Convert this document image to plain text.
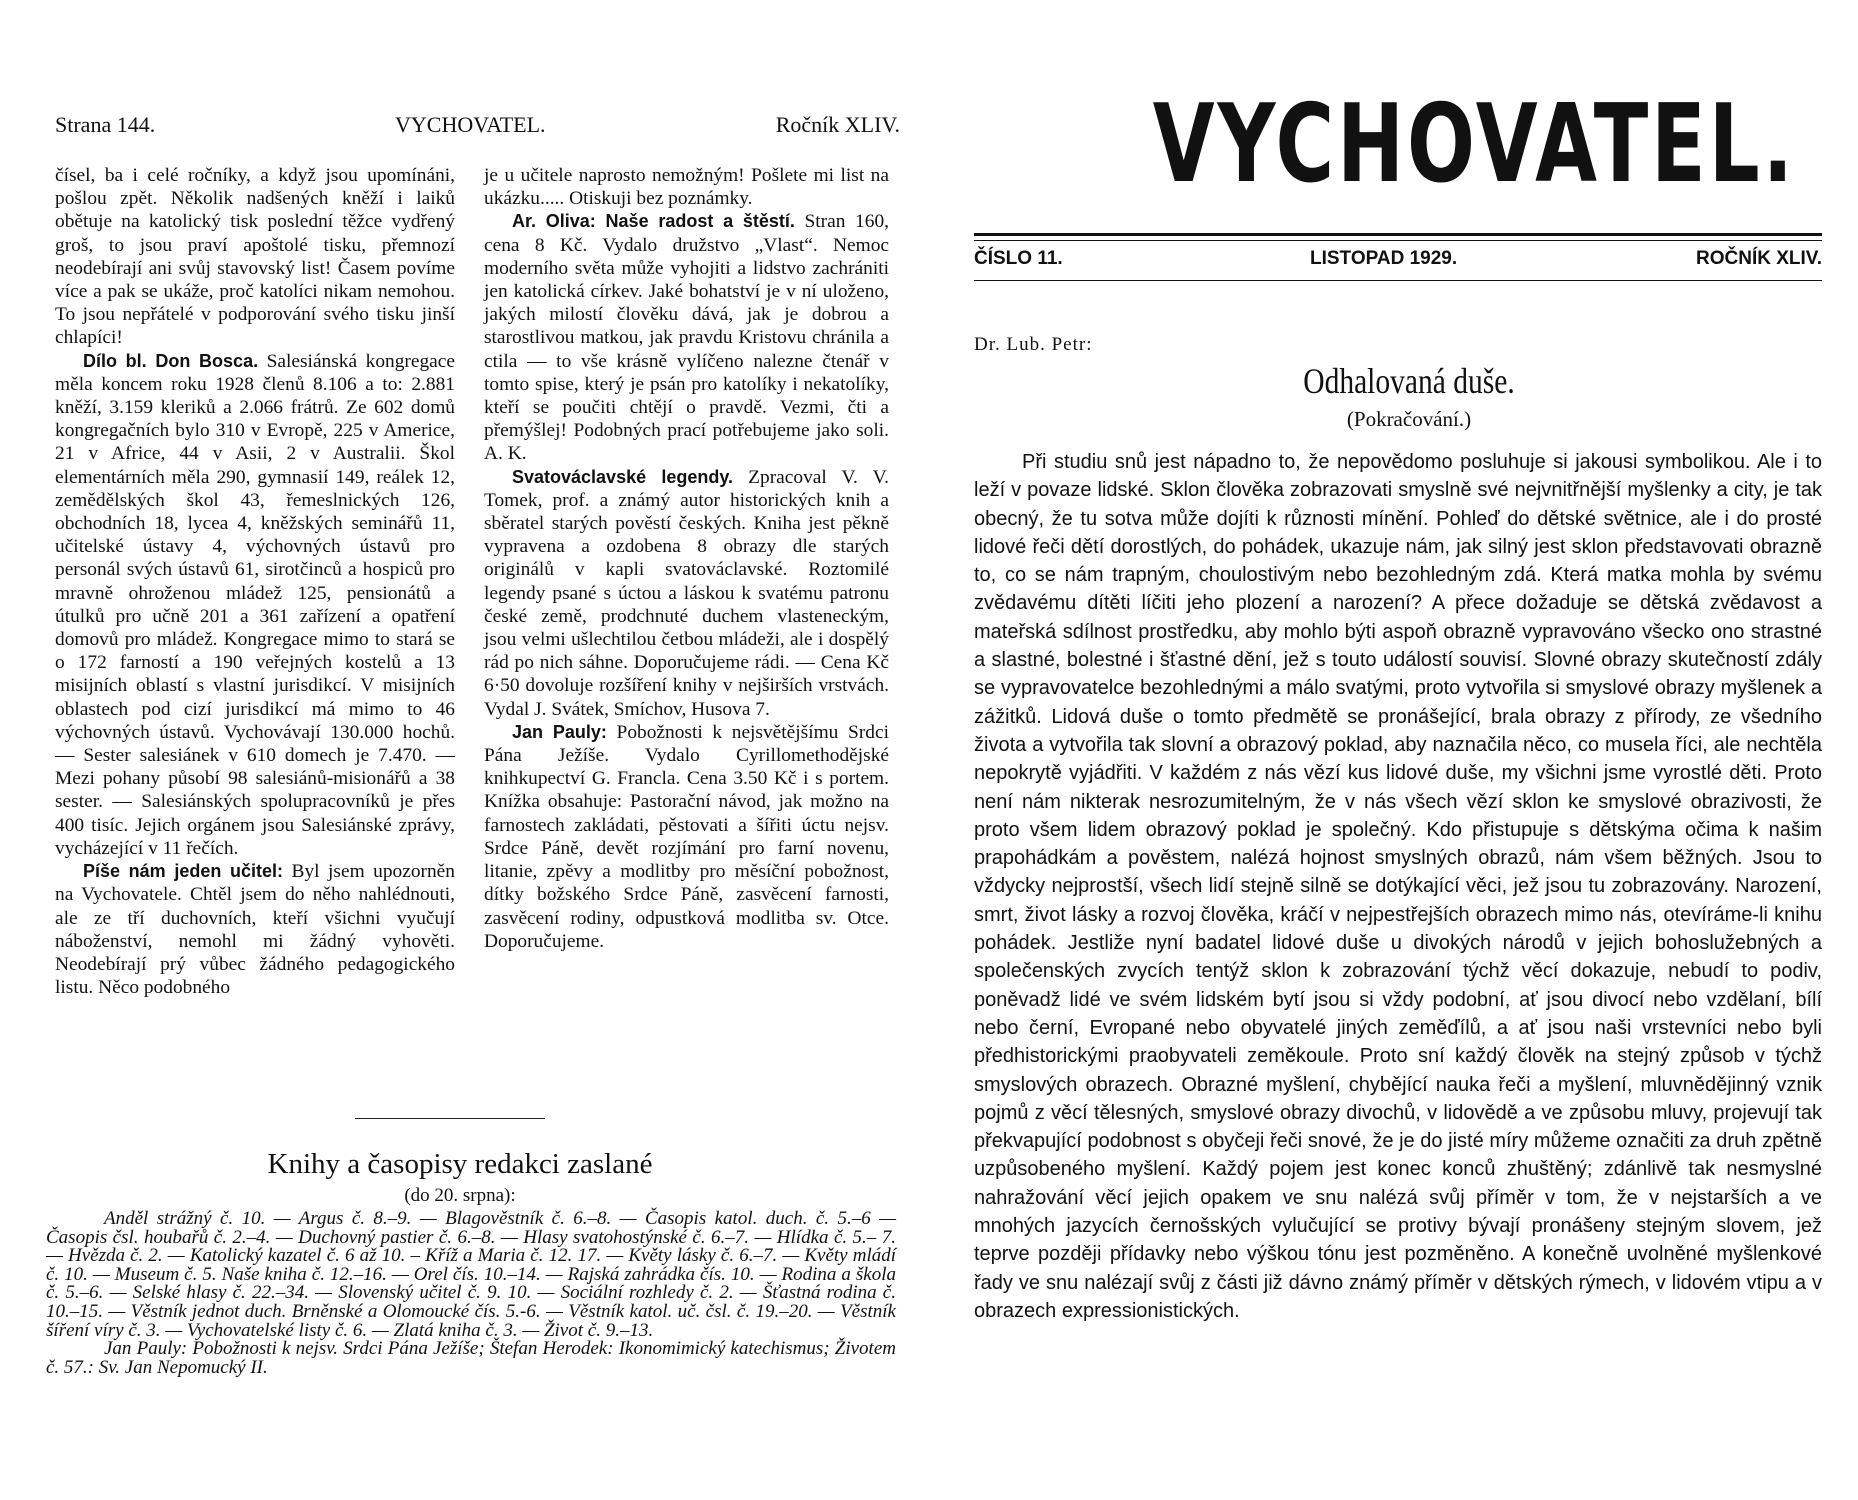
Strana 144.	VYCHOVATEL.	Ročník XLIV.

čísel, ba i celé ročníky, a když jsou upomínáni, pošlou zpět. Několik nadšených kněží i laiků obětuje na katolický tisk poslední těžce vydřený groš, to jsou praví apoštolé tisku, přemnozí neodebírají ani svůj stavovský list! Časem povíme více a pak se ukáže, proč katolíci nikam nemohou. To jsou nepřátelé v podporování svého tisku jinší chlapíci!

Dílo bl. Don Bosca. Salesiánská kongregace měla koncem roku 1928 členů 8.106 a to: 2.881 kněží, 3.159 kleriků a 2.066 frátrů. Ze 602 domů kongregačních bylo 310 v Evropě, 225 v Americe, 21 v Africe, 44 v Asii, 2 v Australii. Škol elementárních měla 290, gymnasií 149, reálek 12, zemědělských škol 43, řemeslnických 126, obchodních 18, lycea 4, kněžských seminářů 11, učitelské ústavy 4, výchovných ústavů pro personál svých ústavů 61, sirotčinců a hospiců pro mravně ohroženou mládež 125, pensionátů a útulků pro učně 201 a 361 zařízení a opatření domovů pro mládež. Kongregace mimo to stará se o 172 farností a 190 veřejných kostelů a 13 misijních oblastí s vlastní jurisdikcí. V misijních oblastech pod cizí jurisdikcí má mimo to 46 výchovných ústavů. Vychovávají 130.000 hochů. — Sester salesiánek v 610 domech je 7.470. — Mezi pohany působí 98 salesiánů-misionářů a 38 sester. — Salesiánských spolupracovníků je přes 400 tisíc. Jejich orgánem jsou Salesiánské zprávy, vycházející v 11 řečích.

Píše nám jeden učitel: Byl jsem upozorněn na Vychovatele. Chtěl jsem do něho nahlédnouti, ale ze tří duchovních, kteří všichni vyučují náboženství, nemohl mi žádný vyhověti. Neodebírají prý vůbec žádného pedagogického listu. Něco podobného

je u učitele naprosto nemožným! Pošlete mi list na ukázku..... Otiskuji bez poznámky.

Ar. Oliva: Naše radost a štěstí. Stran 160, cena 8 Kč. Vydalo družstvo „Vlast“. Nemoc moderního světa může vyhojiti a lidstvo zachrániti jen katolická církev. Jaké bohatství je v ní uloženo, jakých milostí člověku dává, jak je dobrou a starostlivou matkou, jak pravdu Kristovu chránila a ctila — to vše krásně vylíčeno nalezne čtenář v tomto spise, který je psán pro katolíky i nekatolíky, kteří se poučiti chtějí o pravdě. Vezmi, čti a přemýšlej! Podobných prací potřebujeme jako soli. A. K.

Svatováclavské legendy. Zpracoval V. V. Tomek, prof. a známý autor historických knih a sběratel starých pověstí českých. Kniha jest pěkně vypravena a ozdobena 8 obrazy dle starých originálů v kapli svatováclavské. Roztomilé legendy psané s úctou a láskou k svatému patronu české země, prodchnuté duchem vlasteneckým, jsou velmi ušlechtilou četbou mládeži, ale i dospělý rád po nich sáhne. Doporučujeme rádi. — Cena Kč 6·50 dovoluje rozšíření knihy v nejširších vrstvách. Vydal J. Svátek, Smíchov, Husova 7.

Jan Pauly: Pobožnosti k nejsvětějšímu Srdci Pána Ježíše. Vydalo Cyrillomethodějské knihkupectví G. Francla. Cena 3.50 Kč i s portem. Knížka obsahuje: Pastorační návod, jak možno na farnostech zakládati, pěstovati a šířiti úctu nejsv. Srdce Páně, devět rozjímání pro farní novenu, litanie, zpěvy a modlitby pro měsíční pobožnost, dítky božského Srdce Páně, zasvěcení farnosti, zasvěcení rodiny, odpustková modlitba sv. Otce. Doporučujeme.

Knihy a časopisy redakci zaslané
(do 20. srpna):

Anděl strážný č. 10. — Argus č. 8.–9. — Blagověstník č. 6.–8. — Časopis katol. duch. č. 5.–6 — Časopis čsl. houbařů č. 2.–4. — Duchovný pastier č. 6.–8. — Hlasy svatohostýnské č. 6.–7. — Hlídka č. 5.– 7. — Hvězda č. 2. — Katolický kazatel č. 6 až 10. – Kříž a Maria č. 12. 17. — Květy lásky č. 6.–7. — Květy mládí č. 10. — Museum č. 5. Naše kniha č. 12.–16. — Orel čís. 10.–14. — Rajská zahrádka čís. 10. — Rodina a škola č. 5.–6. — Selské hlasy č. 22.–34. — Slovenský učitel č. 9. 10. — Sociální rozhledy č. 2. — Šťastná rodina č. 10.–15. — Věstník jednot duch. Brněnské a Olomoucké čís. 5.-6. — Věstník katol. uč. čsl. č. 19.–20. — Věstník šíření víry č. 3. — Vychovatelské listy č. 6. — Zlatá kniha č. 3. — Život č. 9.–13.

Jan Pauly: Pobožnosti k nejsv. Srdci Pána Ježíše; Štefan Herodek: Ikonomimický katechismus; Životem č. 57.: Sv. Jan Nepomucký II.

VYCHOVATEL.
ČÍSLO 11.	LISTOPAD 1929.	ROČNÍK XLIV.
Dr. Lub. Petr:
Odhalovaná duše.
(Pokračování.)

Při studiu snů jest nápadno to, že nepovědomo posluhuje si jakousi symbolikou. Ale i to leží v povaze lidské. Sklon člověka zobrazovati smyslně své nejvnitřnější myšlenky a city, je tak obecný, že tu sotva může dojíti k různosti mínění. Pohleď do dětské světnice, ale i do prosté lidové řeči dětí dorostlých, do pohádek, ukazuje nám, jak silný jest sklon představovati obrazně to, co se nám trapným, choulostivým nebo bezohledným zdá. Která matka mohla by svému zvědavému dítěti líčiti jeho plození a narození? A přece dožaduje se dětská zvědavost a mateřská sdílnost prostředku, aby mohlo býti aspoň obrazně vypravováno všecko ono strastné a slastné, bolestné i šťastné dění, jež s touto událostí souvisí. Slovné obrazy skutečností zdály se vypravovatelce bezohlednými a málo svatými, proto vytvořila si smyslové obrazy myšlenek a zážitků. Lidová duše o tomto předmětě se pronášející, brala obrazy z přírody, ze všedního života a vytvořila tak slovní a obrazový poklad, aby naznačila něco, co musela říci, ale nechtěla nepokrytě vyjádřiti. V každém z nás vězí kus lidové duše, my všichni jsme vyrostlé děti. Proto není nám nikterak nesrozumitelným, že v nás všech vězí sklon ke smyslové obrazivosti, že proto všem lidem obrazový poklad je společný. Kdo přistupuje s dětskýma očima k našim prapohádkám a pověstem, nalézá hojnost smyslných obrazů, nám všem běžných. Jsou to vždycky nejprostší, všech lidí stejně silně se dotýkající věci, jež jsou tu zobrazovány. Narození, smrt, život lásky a rozvoj člověka, kráčí v nejpestřejších obrazech mimo nás, otevíráme-li knihu pohádek. Jestliže nyní badatel lidové duše u divokých národů v jejich bohoslužebných a společenských zvycích tentýž sklon k zobrazování týchž věcí dokazuje, nebudí to podiv, poněvadž lidé ve svém lidském bytí jsou si vždy podobní, ať jsou divocí nebo vzdělaní, bílí nebo černí, Evropané nebo obyvatelé jiných zeměďílů, a ať jsou naši vrstevníci nebo byli předhistorickými praobyvateli zeměkoule. Proto sní každý člověk na stejný způsob v týchž smyslových obrazech. Obrazné myšlení, chybějící nauka řeči a myšlení, mluvnědějinný vznik pojmů z věcí tělesných, smyslové obrazy divochů, v lidovědě a ve způsobu mluvy, projevují tak překvapující podobnost s obyčeji řeči snové, že je do jisté míry můžeme označiti za druh zpětně uzpůsobeného myšlení. Každý pojem jest konec konců zhuštěný; zdánlivě tak nesmyslné nahražování věcí jejich opakem ve snu nalézá svůj příměr v tom, že v nejstarších a ve mnohých jazycích černošských vylučující se protivy bývají pronášeny stejným slovem, jež teprve později přídavky nebo výškou tónu jest pozměněno. A konečně uvolněné myšlenkové řady ve snu nalézají svůj z části již dávno známý příměr v dětských rýmech, v lidovém vtipu a v obrazech expressionistických.
